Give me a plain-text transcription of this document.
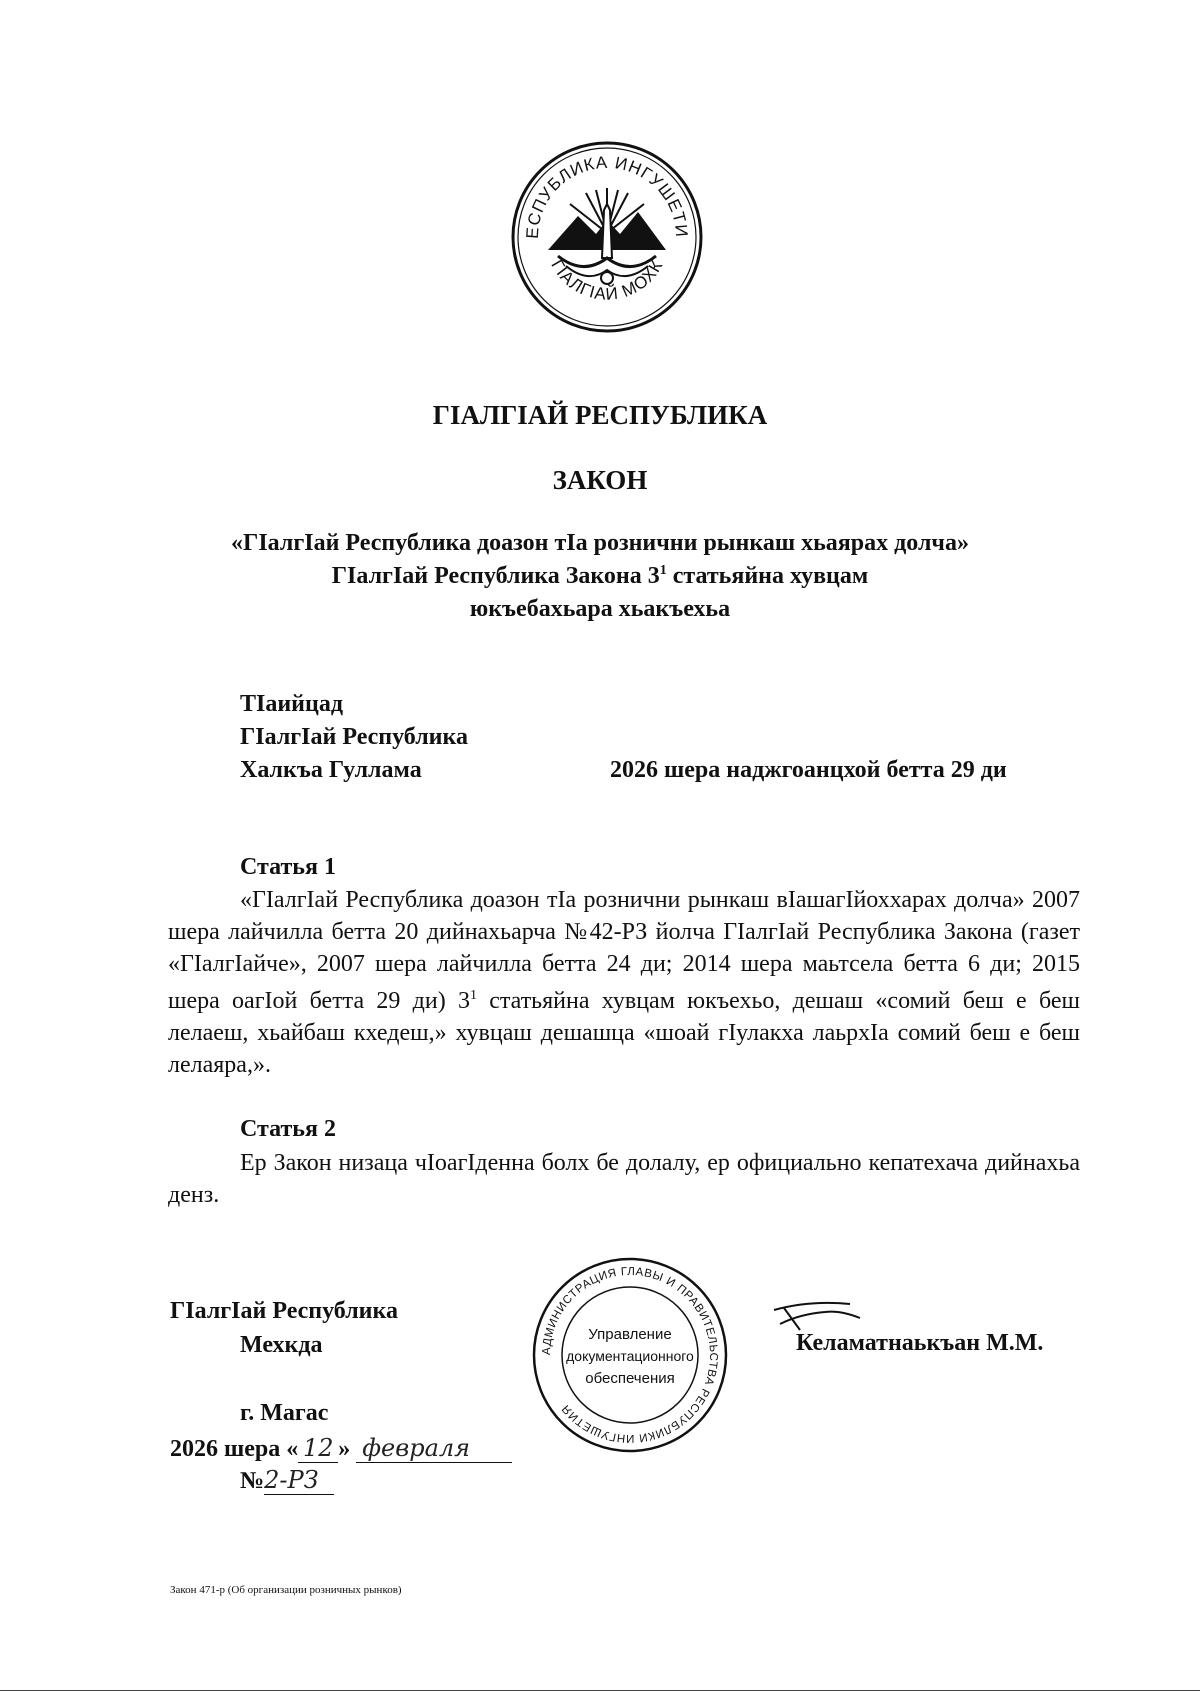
ЕСПУБЛИКА ИНГУШЕТИ
ГIАЛГIАЙ МОХК
ГIАЛГIАЙ РЕСПУБЛИКА
ЗАКОН
«ГIалгIай Республика доазон тIа рознични рынкаш хьаярах долча»
ГIалгIай Республика Закона $3^1$ статьяйна хувцам
юкъебахьара хьакъехьа
ТIаийцад
ГIалгIай Республика
Халкъа Гуллама	2026 шера наджгоанцхой бетта 29 ди
Статья 1

«ГIалгIай Республика доазон тIа рознични рынкаш вIашагIйоххарах долча» 2007 шера лайчилла бетта 20 дийнахьарча №42-РЗ йолча ГIалгIай Республика Закона (газет «ГIалгIайче», 2007 шера лайчилла бетта 24 ди; 2014 шера маьтсела бетта 6 ди; 2015 шера оагIой бетта 29 ди) $3^1$ статьяйна хувцам юкъехьо, дешаш «сомий беш е беш лелаеш, хьайбаш кхедеш,» хувцаш дешашца «шоай гIулакха лаьрхIа сомий беш е беш лелаяра,».

Статья 2

Ер Закон низаца чIоагIденна болх бе долалу, ер официально кепатехача дийнахьа денз.

ГIалгIай Республика
Мехкда	АДМИНИСТРАЦИЯ ГЛАВЫ И ПРАВИТЕЛЬСТВА РЕСПУБЛИКИ ИНГУШЕТИЯ
Управление
документационного
обеспечения
Келаматнаькъан М.М.
г. Магас
2026 шера « 12 » февраля
№2-РЗ
Закон 471-р (Об организации розничных рынков)
